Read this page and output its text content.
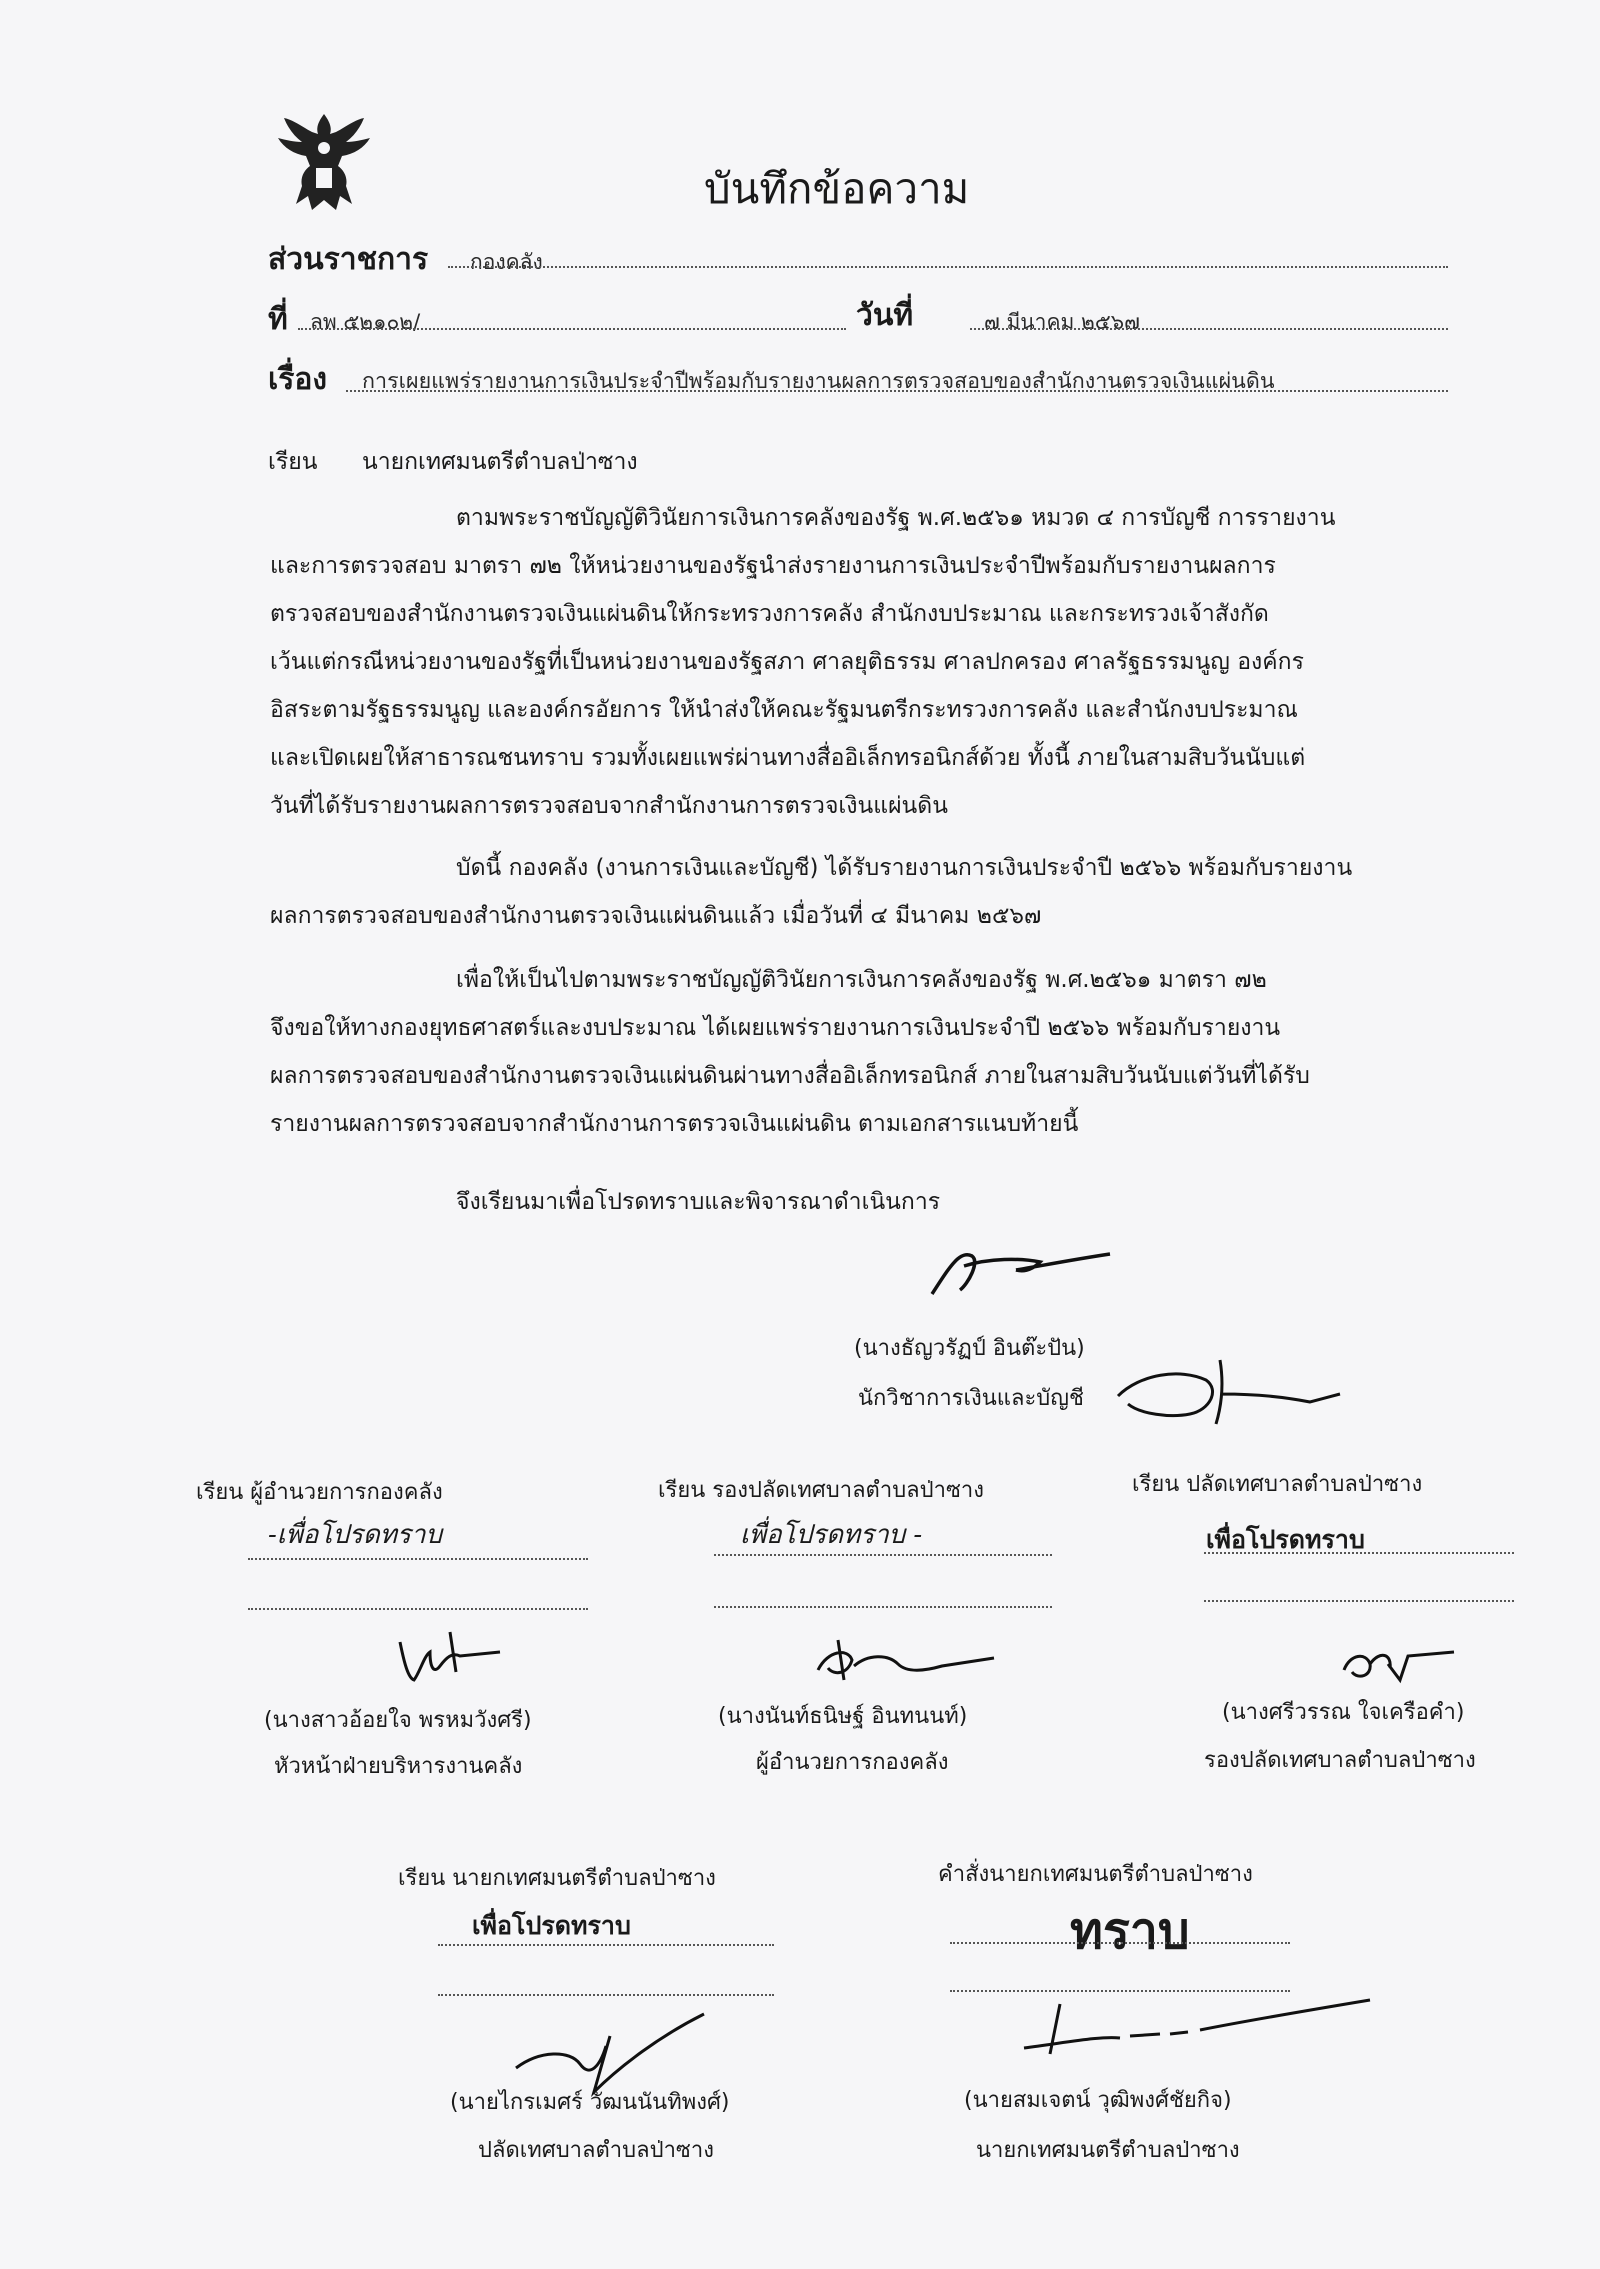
บันทึกข้อความ
ส่วนราชการ กองคลัง
ที่ ลพ ๕๒๑๐๒/	วันที่	๗ มีนาคม ๒๕๖๗
เรื่อง การเผยแพร่รายงานการเงินประจำปีพร้อมกับรายงานผลการตรวจสอบของสำนักงานตรวจเงินแผ่นดิน
เรียน นายกเทศมนตรีตำบลป่าซาง
ตามพระราชบัญญัติวินัยการเงินการคลังของรัฐ พ.ศ.๒๕๖๑ หมวด ๔ การบัญชี การรายงาน
และการตรวจสอบ มาตรา ๗๒ ให้หน่วยงานของรัฐนำส่งรายงานการเงินประจำปีพร้อมกับรายงานผลการ
ตรวจสอบของสำนักงานตรวจเงินแผ่นดินให้กระทรวงการคลัง สำนักงบประมาณ และกระทรวงเจ้าสังกัด
เว้นแต่กรณีหน่วยงานของรัฐที่เป็นหน่วยงานของรัฐสภา ศาลยุติธรรม ศาลปกครอง ศาลรัฐธรรมนูญ องค์กร
อิสระตามรัฐธรรมนูญ และองค์กรอัยการ ให้นำส่งให้คณะรัฐมนตรีกระทรวงการคลัง และสำนักงบประมาณ
และเปิดเผยให้สาธารณชนทราบ รวมทั้งเผยแพร่ผ่านทางสื่ออิเล็กทรอนิกส์ด้วย ทั้งนี้ ภายในสามสิบวันนับแต่
วันที่ได้รับรายงานผลการตรวจสอบจากสำนักงานการตรวจเงินแผ่นดิน
บัดนี้ กองคลัง (งานการเงินและบัญชี) ได้รับรายงานการเงินประจำปี ๒๕๖๖ พร้อมกับรายงาน
ผลการตรวจสอบของสำนักงานตรวจเงินแผ่นดินแล้ว เมื่อวันที่ ๔ มีนาคม ๒๕๖๗
เพื่อให้เป็นไปตามพระราชบัญญัติวินัยการเงินการคลังของรัฐ พ.ศ.๒๕๖๑ มาตรา ๗๒
จึงขอให้ทางกองยุทธศาสตร์และงบประมาณ ได้เผยแพร่รายงานการเงินประจำปี ๒๕๖๖ พร้อมกับรายงาน
ผลการตรวจสอบของสำนักงานตรวจเงินแผ่นดินผ่านทางสื่ออิเล็กทรอนิกส์ ภายในสามสิบวันนับแต่วันที่ได้รับ
รายงานผลการตรวจสอบจากสำนักงานการตรวจเงินแผ่นดิน ตามเอกสารแนบท้ายนี้
จึงเรียนมาเพื่อโปรดทราบและพิจารณาดำเนินการ
(นางธัญวรัฏป์ อินต๊ะปัน)
นักวิชาการเงินและบัญชี
เรียน ผู้อำนวยการกองคลัง
-เพื่อโปรดทราบ
(นางสาวอ้อยใจ พรหมวังศรี)
หัวหน้าฝ่ายบริหารงานคลัง
เรียน รองปลัดเทศบาลตำบลป่าซาง
เพื่อโปรดทราบ -
(นางนันท์ธนิษฐ์ อินทนนท์)
ผู้อำนวยการกองคลัง
เรียน ปลัดเทศบาลตำบลป่าซาง
เพื่อโปรดทราบ
(นางศรีวรรณ ใจเครือคำ)
รองปลัดเทศบาลตำบลป่าซาง
เรียน นายกเทศมนตรีตำบลป่าซาง
เพื่อโปรดทราบ
(นายไกรเมศร์ วัฒนนันทิพงศ์)
ปลัดเทศบาลตำบลป่าซาง
คำสั่งนายกเทศมนตรีตำบลป่าซาง
ทราบ
(นายสมเจตน์ วุฒิพงศ์ชัยกิจ)
นายกเทศมนตรีตำบลป่าซาง
